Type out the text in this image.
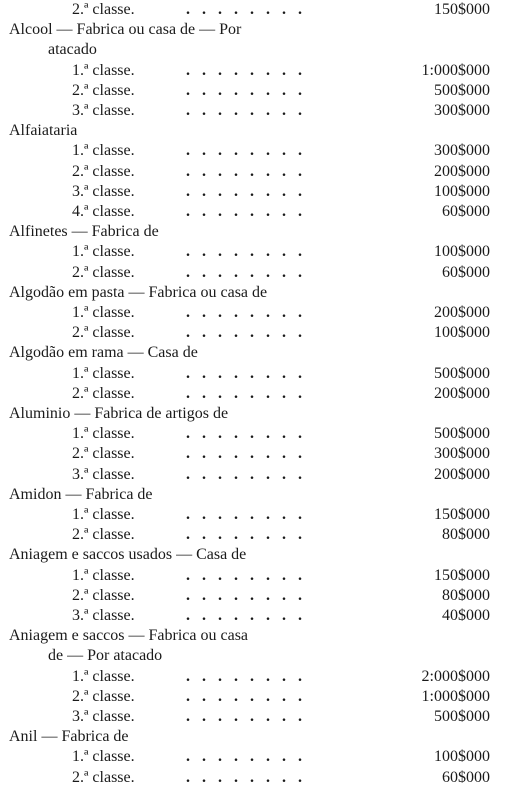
2.ª classe.	........	150$000
Alcool — Fabrica ou casa de — Por
atacado
1.ª classe.	........	1:000$000
2.ª classe.	........	500$000
3.ª classe.	........	300$000
Alfaiataria
1.ª classe.	........	300$000
2.ª classe.	........	200$000
3.ª classe.	........	100$000
4.ª classe.	........	60$000
Alfinetes — Fabrica de
1.ª classe.	........	100$000
2.ª classe.	........	60$000
Algodão em pasta — Fabrica ou casa de
1.ª classe.	........	200$000
2.ª classe.	........	100$000
Algodão em rama — Casa de
1.ª classe.	........	500$000
2.ª classe.	........	200$000
Aluminio — Fabrica de artigos de
1.ª classe.	........	500$000
2.ª classe.	........	300$000
3.ª classe.	........	200$000
Amidon — Fabrica de
1.ª classe.	........	150$000
2.ª classe.	........	80$000
Aniagem e saccos usados — Casa de
1.ª classe.	........	150$000
2.ª classe.	........	80$000
3.ª classe.	........	40$000
Aniagem e saccos — Fabrica ou casa
de — Por atacado
1.ª classe.	........	2:000$000
2.ª classe.	........	1:000$000
3.ª classe.	........	500$000
Anil — Fabrica de
1.ª classe.	........	100$000
2.ª classe.	........	60$000
